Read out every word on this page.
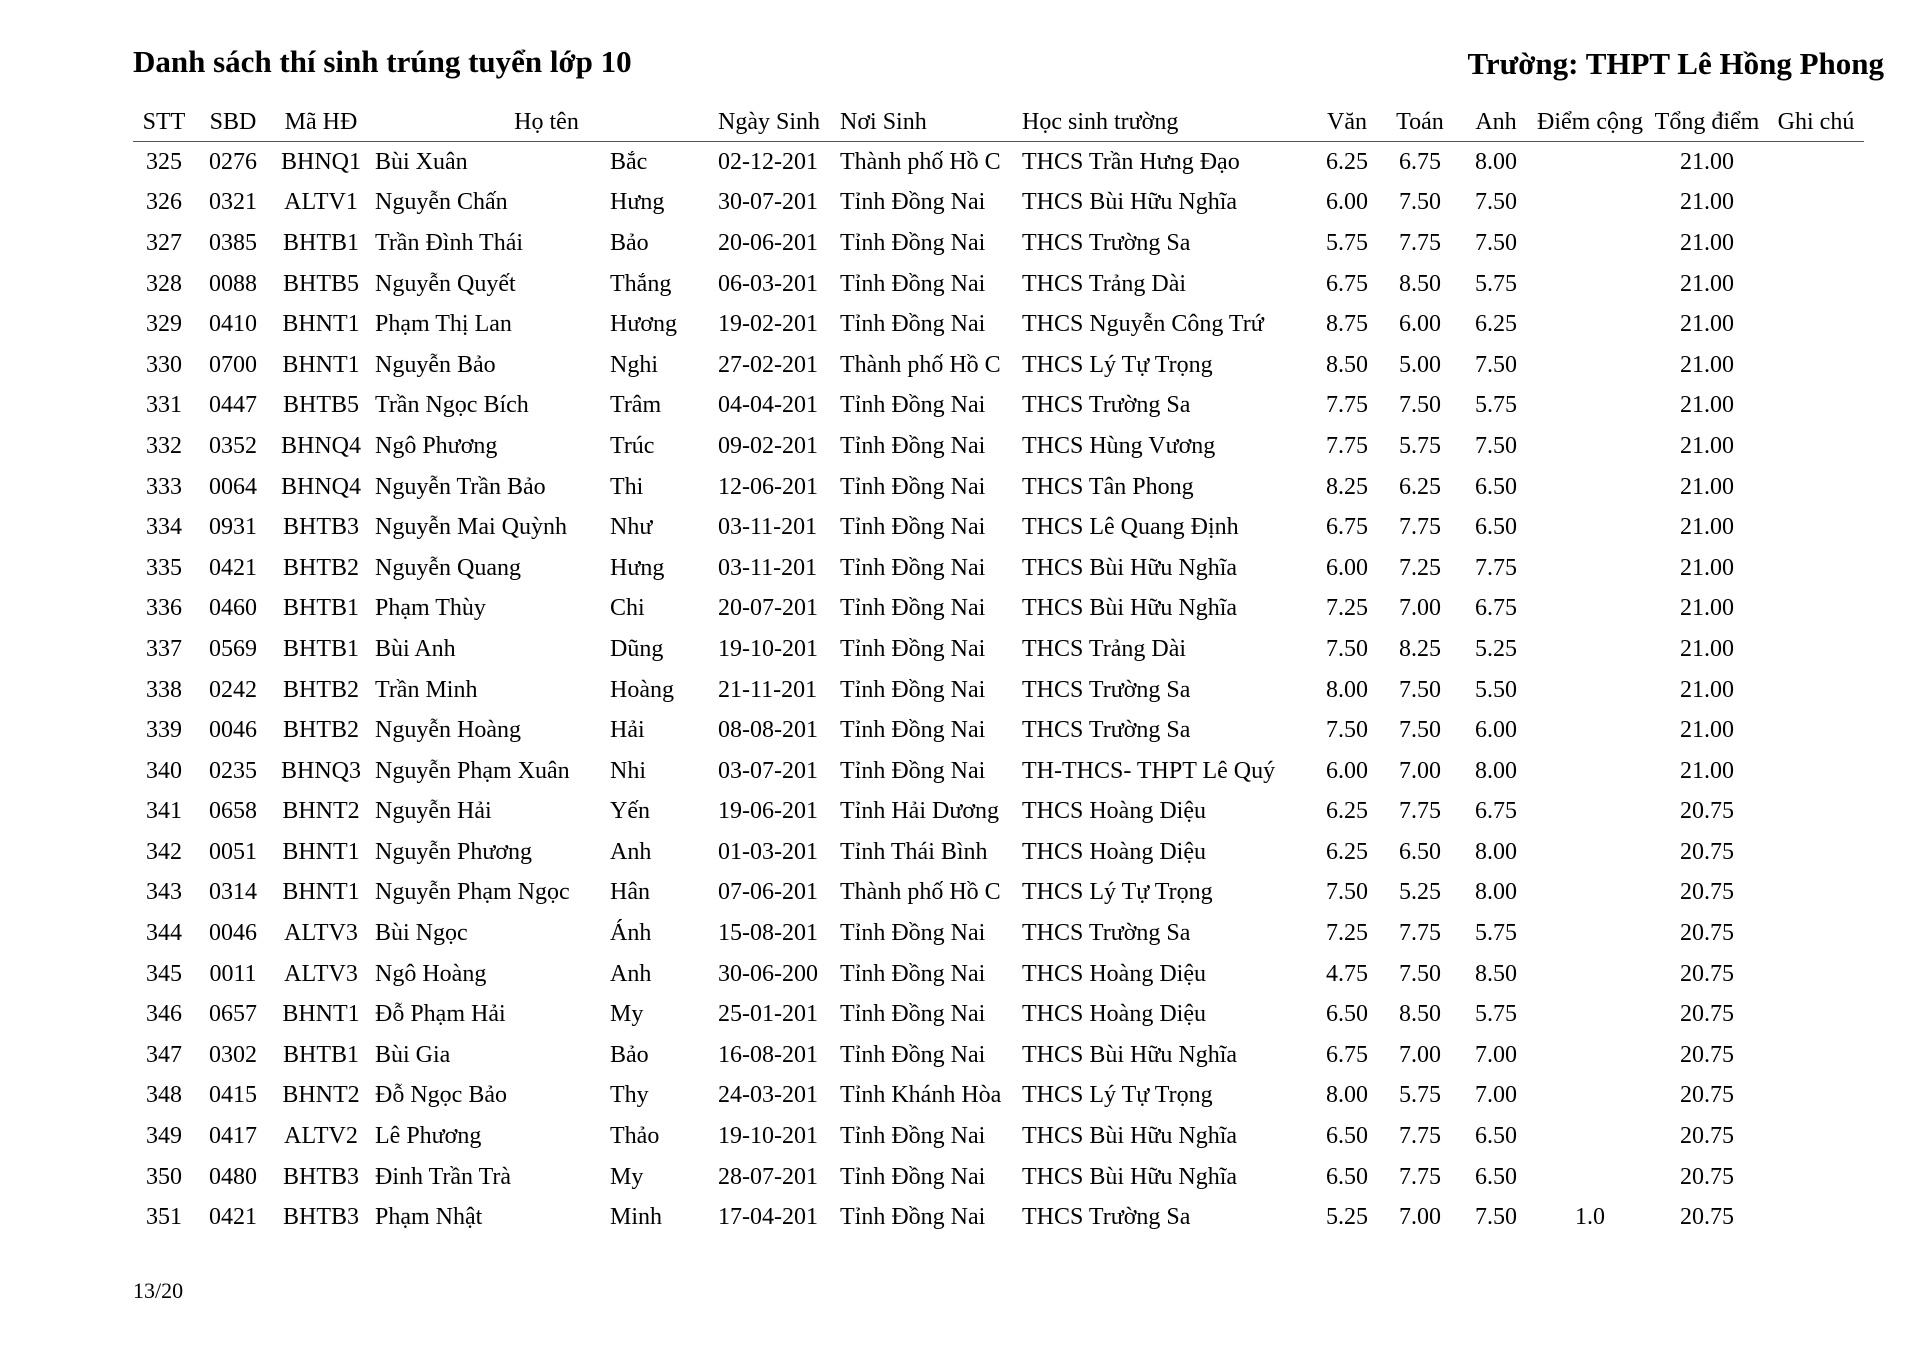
Danh sách thí sinh trúng tuyển lớp 10	Trường: THPT Lê Hồng Phong
STT	SBD	Mã HĐ	Họ tên		Ngày Sinh	Nơi Sinh	Học sinh trường	Văn	Toán	Anh	Điểm cộng	Tổng điểm	Ghi chú
325	0276	BHNQ1	Bùi Xuân	Bắc	02-12-201	Thành phố Hồ C	THCS Trần Hưng Đạo	6.25	6.75	8.00		21.00	
326	0321	ALTV1	Nguyễn Chấn	Hưng	30-07-201	Tỉnh Đồng Nai	THCS Bùi Hữu Nghĩa	6.00	7.50	7.50		21.00	
327	0385	BHTB1	Trần Đình Thái	Bảo	20-06-201	Tỉnh Đồng Nai	THCS Trường Sa	5.75	7.75	7.50		21.00	
328	0088	BHTB5	Nguyễn Quyết	Thắng	06-03-201	Tỉnh Đồng Nai	THCS Trảng Dài	6.75	8.50	5.75		21.00	
329	0410	BHNT1	Phạm Thị Lan	Hương	19-02-201	Tỉnh Đồng Nai	THCS Nguyễn Công Trứ	8.75	6.00	6.25		21.00	
330	0700	BHNT1	Nguyễn Bảo	Nghi	27-02-201	Thành phố Hồ C	THCS Lý Tự Trọng	8.50	5.00	7.50		21.00	
331	0447	BHTB5	Trần Ngọc Bích	Trâm	04-04-201	Tỉnh Đồng Nai	THCS Trường Sa	7.75	7.50	5.75		21.00	
332	0352	BHNQ4	Ngô Phương	Trúc	09-02-201	Tỉnh Đồng Nai	THCS Hùng Vương	7.75	5.75	7.50		21.00	
333	0064	BHNQ4	Nguyễn Trần Bảo	Thi	12-06-201	Tỉnh Đồng Nai	THCS Tân Phong	8.25	6.25	6.50		21.00	
334	0931	BHTB3	Nguyễn Mai Quỳnh	Như	03-11-201	Tỉnh Đồng Nai	THCS Lê Quang Định	6.75	7.75	6.50		21.00	
335	0421	BHTB2	Nguyễn Quang	Hưng	03-11-201	Tỉnh Đồng Nai	THCS Bùi Hữu Nghĩa	6.00	7.25	7.75		21.00	
336	0460	BHTB1	Phạm Thùy	Chi	20-07-201	Tỉnh Đồng Nai	THCS Bùi Hữu Nghĩa	7.25	7.00	6.75		21.00	
337	0569	BHTB1	Bùi Anh	Dũng	19-10-201	Tỉnh Đồng Nai	THCS Trảng Dài	7.50	8.25	5.25		21.00	
338	0242	BHTB2	Trần Minh	Hoàng	21-11-201	Tỉnh Đồng Nai	THCS Trường Sa	8.00	7.50	5.50		21.00	
339	0046	BHTB2	Nguyễn Hoàng	Hải	08-08-201	Tỉnh Đồng Nai	THCS Trường Sa	7.50	7.50	6.00		21.00	
340	0235	BHNQ3	Nguyễn Phạm Xuân	Nhi	03-07-201	Tỉnh Đồng Nai	TH-THCS- THPT Lê Quý	6.00	7.00	8.00		21.00	
341	0658	BHNT2	Nguyễn Hải	Yến	19-06-201	Tỉnh Hải Dương	THCS Hoàng Diệu	6.25	7.75	6.75		20.75	
342	0051	BHNT1	Nguyễn Phương	Anh	01-03-201	Tỉnh Thái Bình	THCS Hoàng Diệu	6.25	6.50	8.00		20.75	
343	0314	BHNT1	Nguyễn Phạm Ngọc	Hân	07-06-201	Thành phố Hồ C	THCS Lý Tự Trọng	7.50	5.25	8.00		20.75	
344	0046	ALTV3	Bùi Ngọc	Ánh	15-08-201	Tỉnh Đồng Nai	THCS Trường Sa	7.25	7.75	5.75		20.75	
345	0011	ALTV3	Ngô Hoàng	Anh	30-06-200	Tỉnh Đồng Nai	THCS Hoàng Diệu	4.75	7.50	8.50		20.75	
346	0657	BHNT1	Đỗ Phạm Hải	My	25-01-201	Tỉnh Đồng Nai	THCS Hoàng Diệu	6.50	8.50	5.75		20.75	
347	0302	BHTB1	Bùi Gia	Bảo	16-08-201	Tỉnh Đồng Nai	THCS Bùi Hữu Nghĩa	6.75	7.00	7.00		20.75	
348	0415	BHNT2	Đỗ Ngọc Bảo	Thy	24-03-201	Tỉnh Khánh Hòa	THCS Lý Tự Trọng	8.00	5.75	7.00		20.75	
349	0417	ALTV2	Lê Phương	Thảo	19-10-201	Tỉnh Đồng Nai	THCS Bùi Hữu Nghĩa	6.50	7.75	6.50		20.75	
350	0480	BHTB3	Đinh Trần Trà	My	28-07-201	Tỉnh Đồng Nai	THCS Bùi Hữu Nghĩa	6.50	7.75	6.50		20.75	
351	0421	BHTB3	Phạm Nhật	Minh	17-04-201	Tỉnh Đồng Nai	THCS Trường Sa	5.25	7.00	7.50	1.0	20.75	
13/20
